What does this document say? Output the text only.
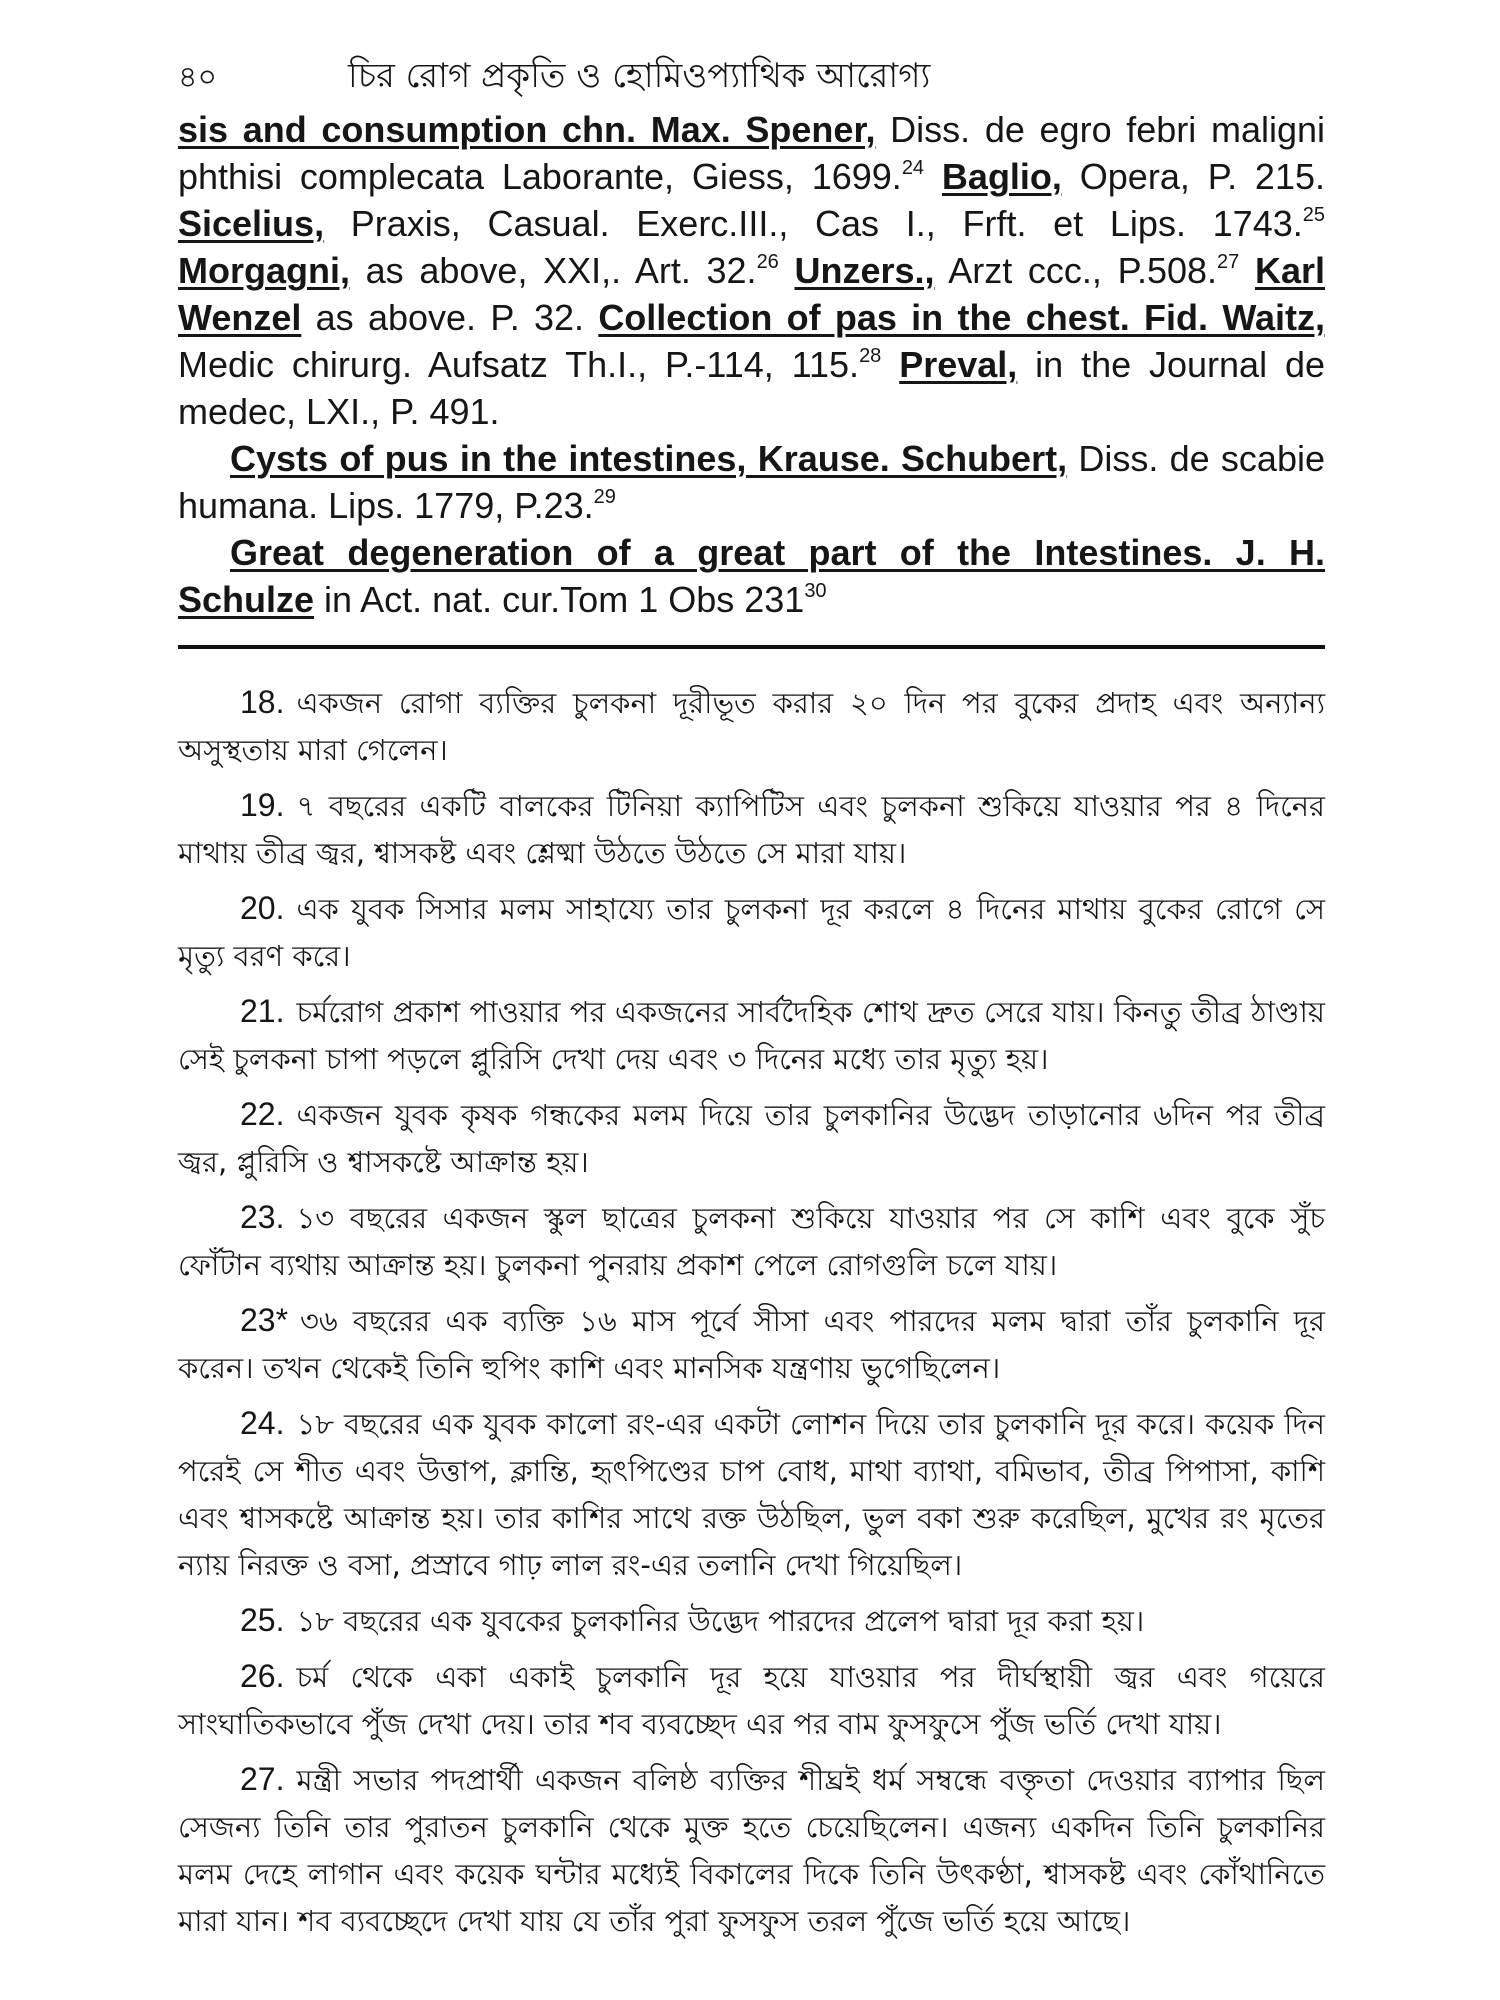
৪০	চির রোগ প্রকৃতি ও হোমিওপ্যাথিক আরোগ্য

sis and consumption chn. Max. Spener, Diss. de egro febri maligni phthisi complecata Laborante, Giess, 1699.24 Baglio, Opera, P. 215. Sicelius, Praxis, Casual. Exerc.III., Cas I., Frft. et Lips. 1743.25 Morgagni, as above, XXI,. Art. 32.26 Unzers., Arzt ccc., P.508.27 Karl Wenzel as above. P. 32. Collection of pas in the chest. Fid. Waitz, Medic chirurg. Aufsatz Th.I., P.-114, 115.28 Preval, in the Journal de medec, LXI., P. 491.

Cysts of pus in the intestines, Krause. Schubert, Diss. de scabie humana. Lips. 1779, P.23.29

Great degeneration of a great part of the Intestines. J. H. Schulze in Act. nat. cur.Tom 1 Obs $231^{30}$

18. একজন রোগা ব্যক্তির চুলকনা দূরীভূত করার ২০ দিন পর বুকের প্রদাহ এবং অন্যান্য অসুস্থতায় মারা গেলেন।

19. ৭ বছরের একটি বালকের টিনিয়া ক্যাপিটিস এবং চুলকনা শুকিয়ে যাওয়ার পর ৪ দিনের মাথায় তীব্র জ্বর, শ্বাসকষ্ট এবং শ্লেষ্মা উঠতে উঠতে সে মারা যায়।

20. এক যুবক সিসার মলম সাহায্যে তার চুলকনা দূর করলে ৪ দিনের মাথায় বুকের রোগে সে মৃত্যু বরণ করে।

21. চর্মরোগ প্রকাশ পাওয়ার পর একজনের সার্বদৈহিক শোথ দ্রুত সেরে যায়। কিনতু তীব্র ঠাণ্ডায় সেই চুলকনা চাপা পড়লে প্লুরিসি দেখা দেয় এবং ৩ দিনের মধ্যে তার মৃত্যু হয়।

22. একজন যুবক কৃষক গন্ধকের মলম দিয়ে তার চুলকানির উদ্ভেদ তাড়ানোর ৬দিন পর তীব্র জ্বর, প্লুরিসি ও শ্বাসকষ্টে আক্রান্ত হয়।

23. ১৩ বছরের একজন স্কুল ছাত্রের চুলকনা শুকিয়ে যাওয়ার পর সে কাশি এবং বুকে সুঁচ ফোঁটান ব্যথায় আক্রান্ত হয়। চুলকনা পুনরায় প্রকাশ পেলে রোগগুলি চলে যায়।

23* ৩৬ বছরের এক ব্যক্তি ১৬ মাস পূর্বে সীসা এবং পারদের মলম দ্বারা তাঁর চুলকানি দূর করেন। তখন থেকেই তিনি হুপিং কাশি এবং মানসিক যন্ত্রণায় ভুগেছিলেন।

24. ১৮ বছরের এক যুবক কালো রং-এর একটা লোশন দিয়ে তার চুলকানি দূর করে। কয়েক দিন পরেই সে শীত এবং উত্তাপ, ক্লান্তি, হৃৎপিণ্ডের চাপ বোধ, মাথা ব্যাথা, বমিভাব, তীব্র পিপাসা, কাশি এবং শ্বাসকষ্টে আক্রান্ত হয়। তার কাশির সাথে রক্ত উঠছিল, ভুল বকা শুরু করেছিল, মুখের রং মৃতের ন্যায় নিরক্ত ও বসা, প্রস্রাবে গাঢ় লাল রং-এর তলানি দেখা গিয়েছিল।

25. ১৮ বছরের এক যুবকের চুলকানির উদ্ভেদ পারদের প্রলেপ দ্বারা দূর করা হয়।

26. চর্ম থেকে একা একাই চুলকানি দূর হয়ে যাওয়ার পর দীর্ঘস্থায়ী জ্বর এবং গয়েরে সাংঘাতিকভাবে পুঁজ দেখা দেয়। তার শব ব্যবচ্ছেদ এর পর বাম ফুসফুসে পুঁজ ভর্তি দেখা যায়।

27. মন্ত্রী সভার পদপ্রার্থী একজন বলিষ্ঠ ব্যক্তির শীঘ্রই ধর্ম সম্বন্ধে বক্তৃতা দেওয়ার ব্যাপার ছিল সেজন্য তিনি তার পুরাতন চুলকানি থেকে মুক্ত হতে চেয়েছিলেন। এজন্য একদিন তিনি চুলকানির মলম দেহে লাগান এবং কয়েক ঘন্টার মধ্যেই বিকালের দিকে তিনি উৎকণ্ঠা, শ্বাসকষ্ট এবং কোঁথানিতে মারা যান। শব ব্যবচ্ছেদে দেখা যায় যে তাঁর পুরা ফুসফুস তরল পুঁজে ভর্তি হয়ে আছে।
